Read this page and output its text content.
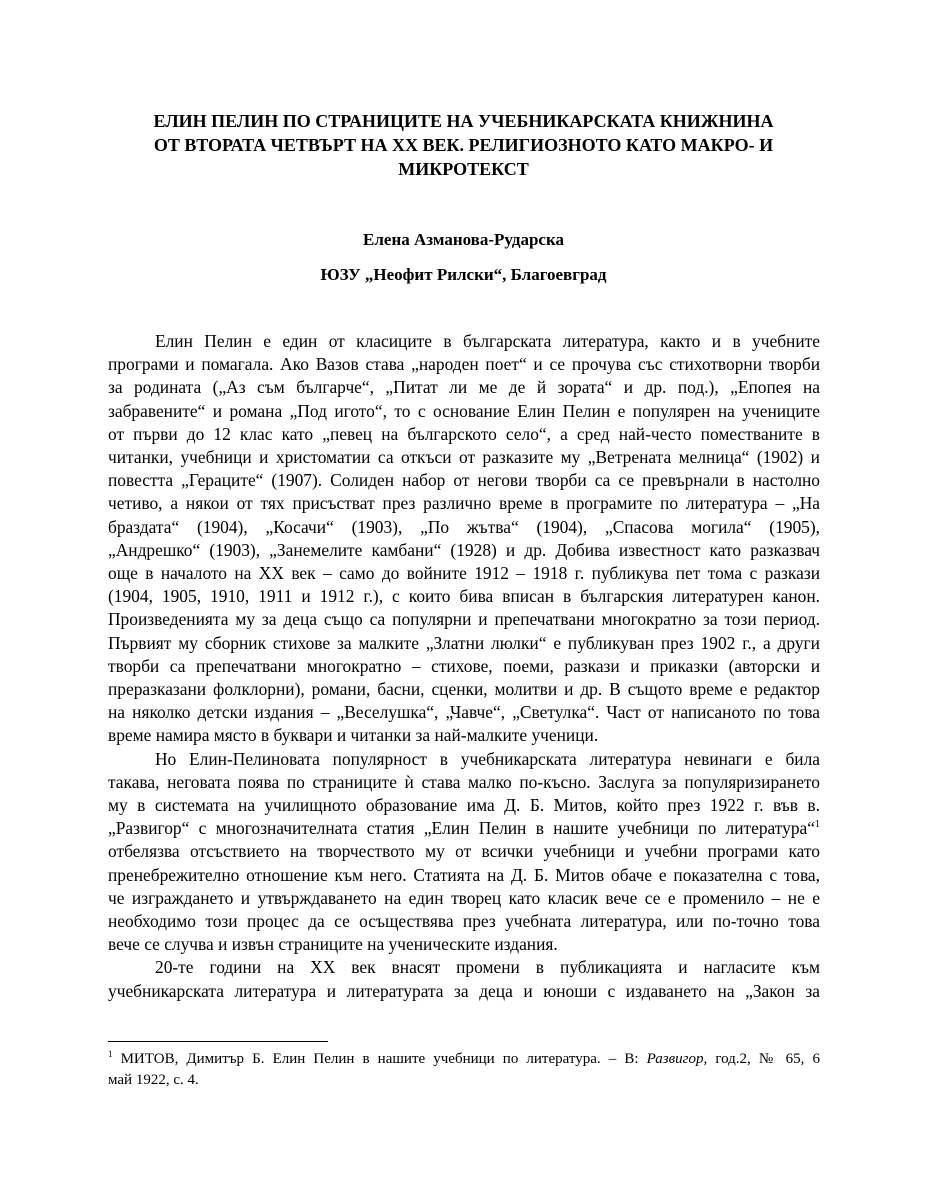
ЕЛИН ПЕЛИН ПО СТРАНИЦИТЕ НА УЧЕБНИКАРСКАТА КНИЖНИНА
ОТ ВТОРАТА ЧЕТВЪРТ НА XX ВЕК. РЕЛИГИОЗНОТО КАТО МАКРО- И
МИКРОТЕКСТ
Елена Азманова-Рударска
ЮЗУ „Неофит Рилски“, Благоевград
Елин Пелин е един от класиците в българската литература, както и в учебните
програми и помагала. Ако Вазов става „народен поет“ и се прочува със стихотворни творби
за родината („Аз съм българче“, „Питат ли ме де й зората“ и др. под.), „Епопея на
забравените“ и романа „Под игото“, то с основание Елин Пелин е популярен на учениците
от първи до 12 клас като „певец на българското село“, а сред най-често помествaните в
читанки, учебници и христоматии са откъси от разказите му „Ветрената мелница“ (1902) и
повестта „Гераците“ (1907). Солиден набор от негови творби са се превърнали в настолно
четиво, а някои от тях присъстват през различно време в програмите по литература – „На
браздата“ (1904), „Косачи“ (1903), „По жътва“ (1904), „Спасова могила“ (1905),
„Андрешко“ (1903), „Занемелите камбани“ (1928) и др. Добива известност като разказвач
още в началото на XX век – само до войните 1912 – 1918 г. публикува пет тома с разкази
(1904, 1905, 1910, 1911 и 1912 г.), с които бива вписан в българския литературен канон.
Произведенията му за деца също са популярни и препечатвани многократно за този период.
Първият му сборник стихове за малките „Златни люлки“ е публикуван през 1902 г., а други
творби са препечатвани многократно – стихове, поеми, разкази и приказки (авторски и
преразказани фолклорни), романи, басни, сценки, молитви и др. В същото време е редактор
на няколко детски издания – „Веселушка“, „Чавче“, „Светулка“. Част от написаното по това
време намира място в буквари и читанки за най-малките ученици.
Но Елин-Пелиновата популярност в учебникарската литература невинаги е била
такава, неговата поява по страниците ѝ става малко по-късно. Заслуга за популяризирането
му в системата на училищното образование има Д. Б. Митов, който през 1922 г. във в.
„Развигор“ с многозначителната статия „Елин Пелин в нашите учебници по литература“$^1$
отбелязва отсъствието на творчеството му от всички учебници и учебни програми като
пренебрежително отношение към него. Статията на Д. Б. Митов обаче е показателна с това,
че изграждането и утвърждаването на един творец като класик вече се е променило – не е
необходимо този процес да се осъществява през учебната литература, или по-точно това
вече се случва и извън страниците на ученическите издания.
20-те години на XX век внасят промени в публикацията и нагласите към
учебникарската литература и литературата за деца и юноши с издаването на „Закон за
$^1$ МИТОВ, Димитър Б. Елин Пелин в нашите учебници по литература. – В: Развигор, год.2, № 65, 6
май 1922, с. 4.
